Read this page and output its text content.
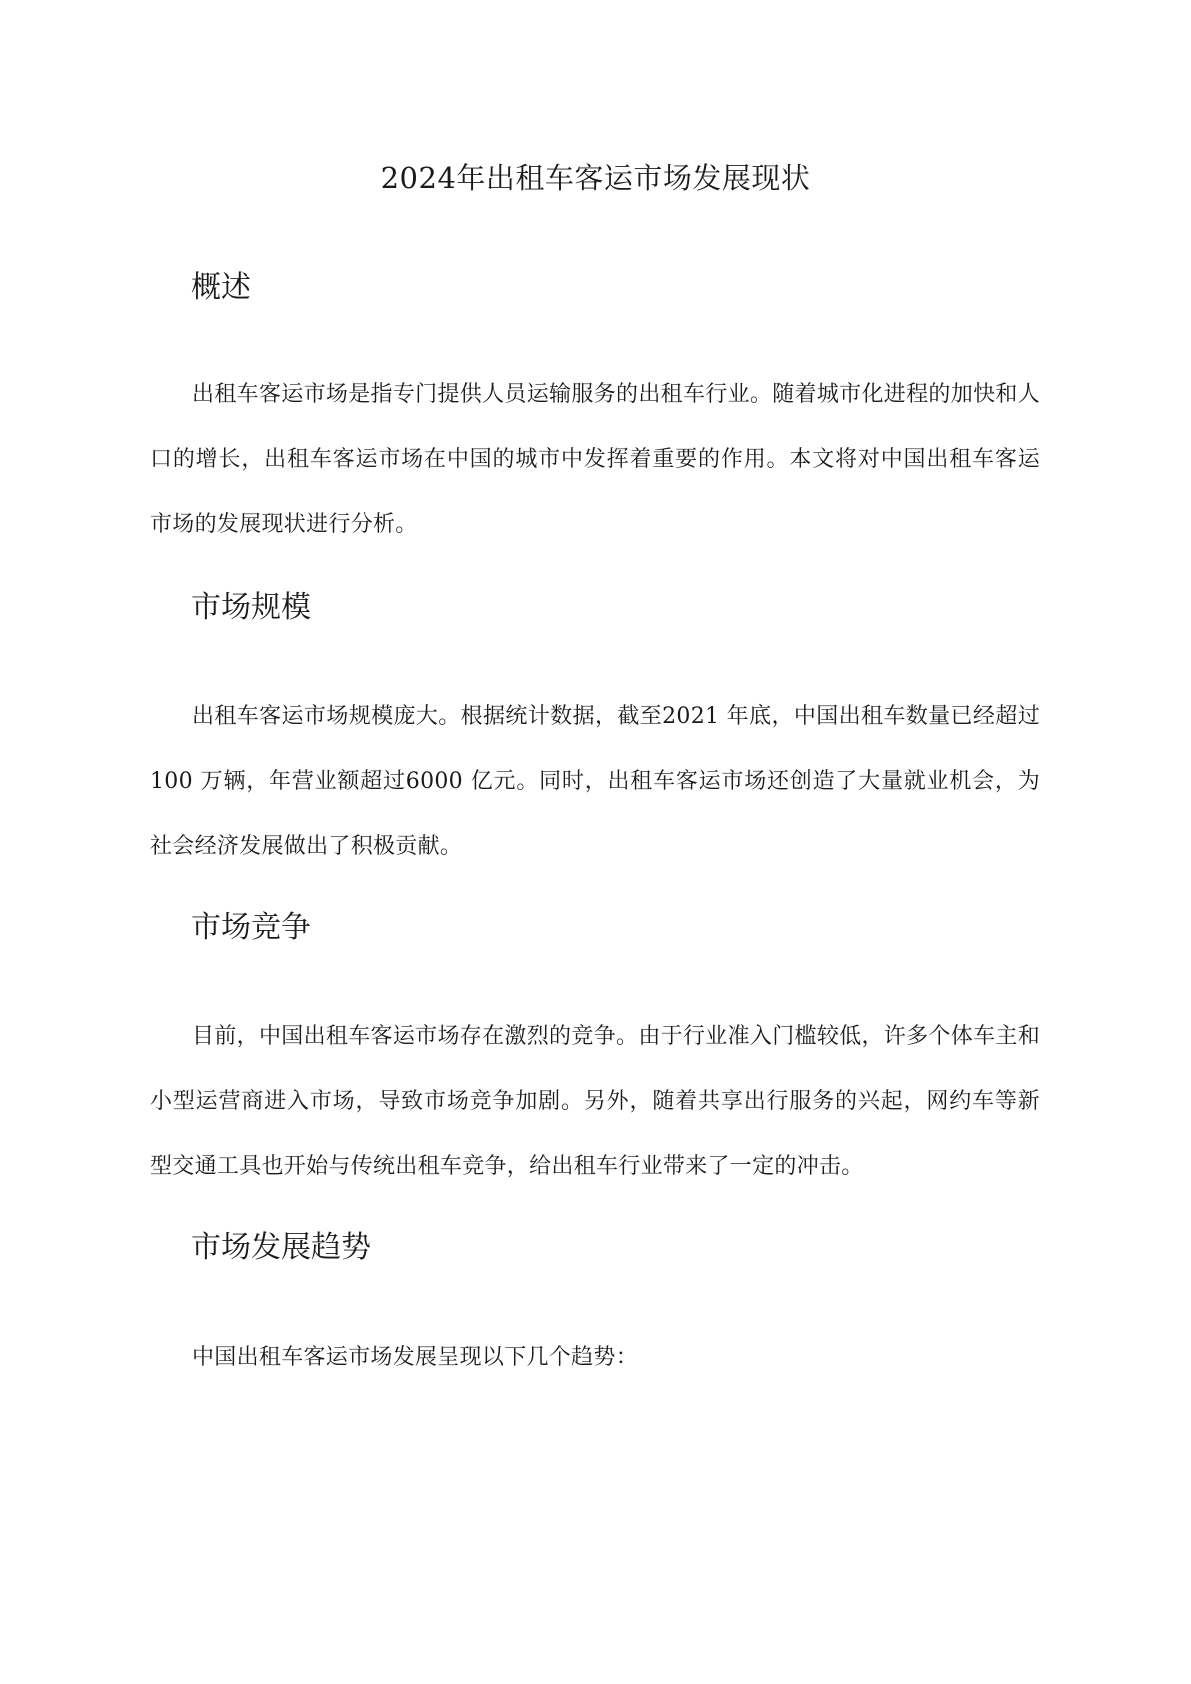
2024年出租车客运市场发展现状
概述
出租车客运市场是指专门提供人员运输服务的出租车行业。随着城市化进程的加快和人口的增长，出租车客运市场在中国的城市中发挥着重要的作用。本文将对中国出租车客运市场的发展现状进行分析。
市场规模
出租车客运市场规模庞大。根据统计数据，截至2021 年底，中国出租车数量已经超过100 万辆，年营业额超过6000 亿元。同时，出租车客运市场还创造了大量就业机会，为社会经济发展做出了积极贡献。
市场竞争
目前，中国出租车客运市场存在激烈的竞争。由于行业准入门槛较低，许多个体车主和小型运营商进入市场，导致市场竞争加剧。另外，随着共享出行服务的兴起，网约车等新型交通工具也开始与传统出租车竞争，给出租车行业带来了一定的冲击。
市场发展趋势
中国出租车客运市场发展呈现以下几个趋势：
